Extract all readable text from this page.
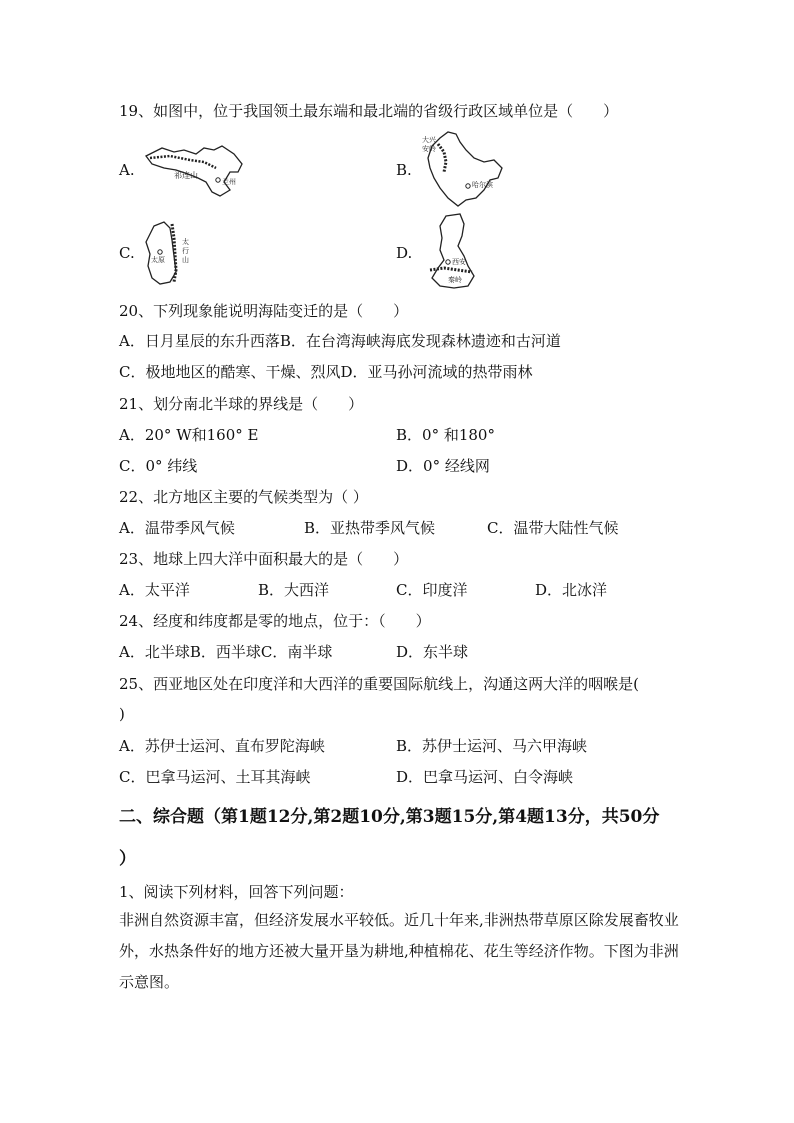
19、如图中，位于我国领土最东端和最北端的省级行政区域单位是（　　）
A.	祁连山
兰州
B.
大兴
安岭
哈尔滨
C. 太原
太
行
山	D.	西安
秦岭
20、下列现象能说明海陆变迁的是（　　）
A．日月星辰的东升西落B．在台湾海峡海底发现森林遗迹和古河道
C．极地地区的酷寒、干燥、烈风D．亚马孙河流域的热带雨林
21、划分南北半球的界线是（　　）
A．20° W和160° E	B．0° 和180°
C．0° 纬线	D．0° 经线网
22、北方地区主要的气候类型为（ ）
A．温带季风气候	B．亚热带季风气候	C．温带大陆性气候
23、地球上四大洋中面积最大的是（　　）
A．太平洋	B．大西洋	C．印度洋	D．北冰洋
24、经度和纬度都是零的地点，位于：（　　）
A．北半球B．西半球C．南半球	D．东半球
25、西亚地区处在印度洋和大西洋的重要国际航线上，沟通这两大洋的咽喉是(
)
A．苏伊士运河、直布罗陀海峡	B．苏伊士运河、马六甲海峡
C．巴拿马运河、土耳其海峡	D．巴拿马运河、白令海峡
二、综合题（第1题12分,第2题10分,第3题15分,第4题13分，共50分
）
1、阅读下列材料，回答下列问题：
非洲自然资源丰富，但经济发展水平较低。近几十年来,非洲热带草原区除发展畜牧业外，水热条件好的地方还被大量开垦为耕地,种植棉花、花生等经济作物。下图为非洲示意图。
